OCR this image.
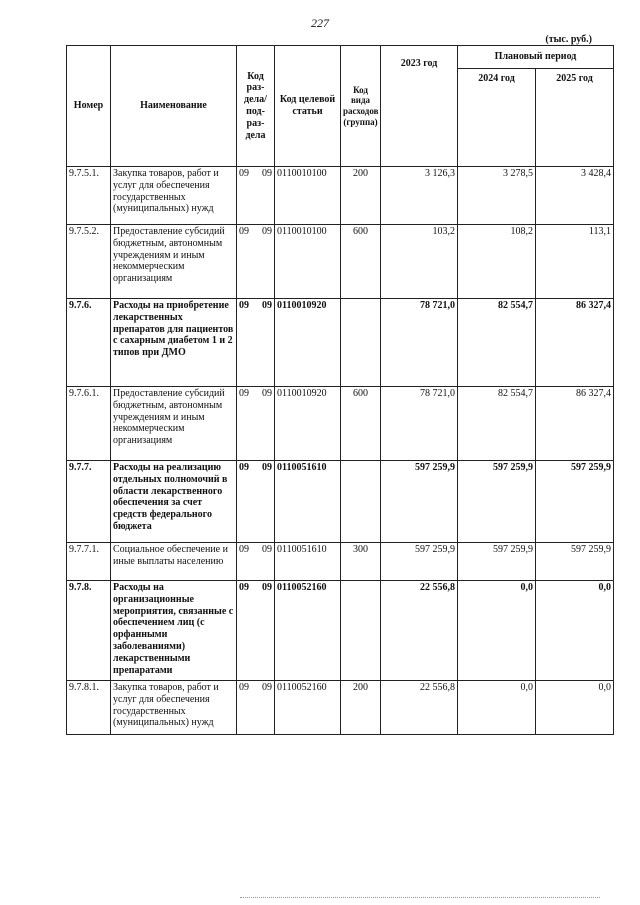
227
(тыс. руб.)
Номер	Наименование	Код раз-дела/ под-раз-дела	Код целевой статьи	Код вида расходов (группа)	2023 год	Плановый период	
						2024 год	2025 год
9.7.5.1.	Закупка товаров, работ и услуг для обеспечения государственных (муниципальных) нужд	09 09	0110010100	200	3 126,3	3 278,5	3 428,4
9.7.5.2.	Предоставление субсидий бюджетным, автономным учреждениям и иным некоммерческим организациям	09 09	0110010100	600	103,2	108,2	113,1
9.7.6.	Расходы на приобретение лекарственных препаратов для пациентов с сахарным диабетом 1 и 2 типов при ДМО	09 09	0110010920		78 721,0	82 554,7	86 327,4
9.7.6.1.	Предоставление субсидий бюджетным, автономным учреждениям и иным некоммерческим организациям	09 09	0110010920	600	78 721,0	82 554,7	86 327,4
9.7.7.	Расходы на реализацию отдельных полномочий в области лекарственного обеспечения за счет средств федерального бюджета	09 09	0110051610		597 259,9	597 259,9	597 259,9
9.7.7.1.	Социальное обеспечение и иные выплаты населению	09 09	0110051610	300	597 259,9	597 259,9	597 259,9
9.7.8.	Расходы на организационные мероприятия, связанные с обеспечением лиц (с орфанными заболеваниями) лекарственными препаратами	09 09	0110052160		22 556,8	0,0	0,0
9.7.8.1.	Закупка товаров, работ и услуг для обеспечения государственных (муниципальных) нужд	09 09	0110052160	200	22 556,8	0,0	0,0
